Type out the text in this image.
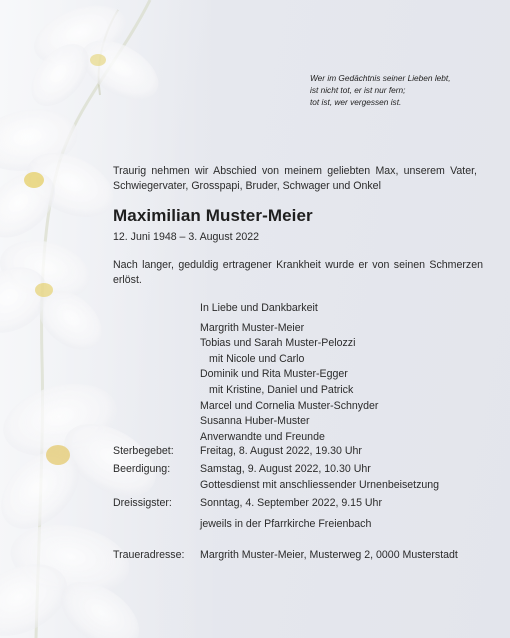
Wer im Gedächtnis seiner Lieben lebt,
ist nicht tot, er ist nur fern;
tot ist, wer vergessen ist.
Traurig nehmen wir Abschied von meinem geliebten Max, unserem Vater, Schwiegervater, Grosspapi, Bruder, Schwager und Onkel
Maximilian Muster-Meier
12. Juni 1948 – 3. August 2022
Nach langer, geduldig ertragener Krankheit wurde er von seinen Schmerzen erlöst.
In Liebe und Dankbarkeit
Margrith Muster-Meier
Tobias und Sarah Muster-Pelozzi
mit Nicole und Carlo
Dominik und Rita Muster-Egger
mit Kristine, Daniel und Patrick
Marcel und Cornelia Muster-Schnyder
Susanna Huber-Muster
Anverwandte und Freunde
Sterbegebet: Freitag, 8. August 2022, 19.30 Uhr
Beerdigung:	Samstag, 9. August 2022, 10.30 Uhr
Gottesdienst mit anschliessender Urnenbeisetzung
Dreissigster:	Sonntag, 4. September 2022, 9.15 Uhr
jeweils in der Pfarrkirche Freienbach
Traueradresse: Margrith Muster-Meier, Musterweg 2, 0000 Musterstadt
